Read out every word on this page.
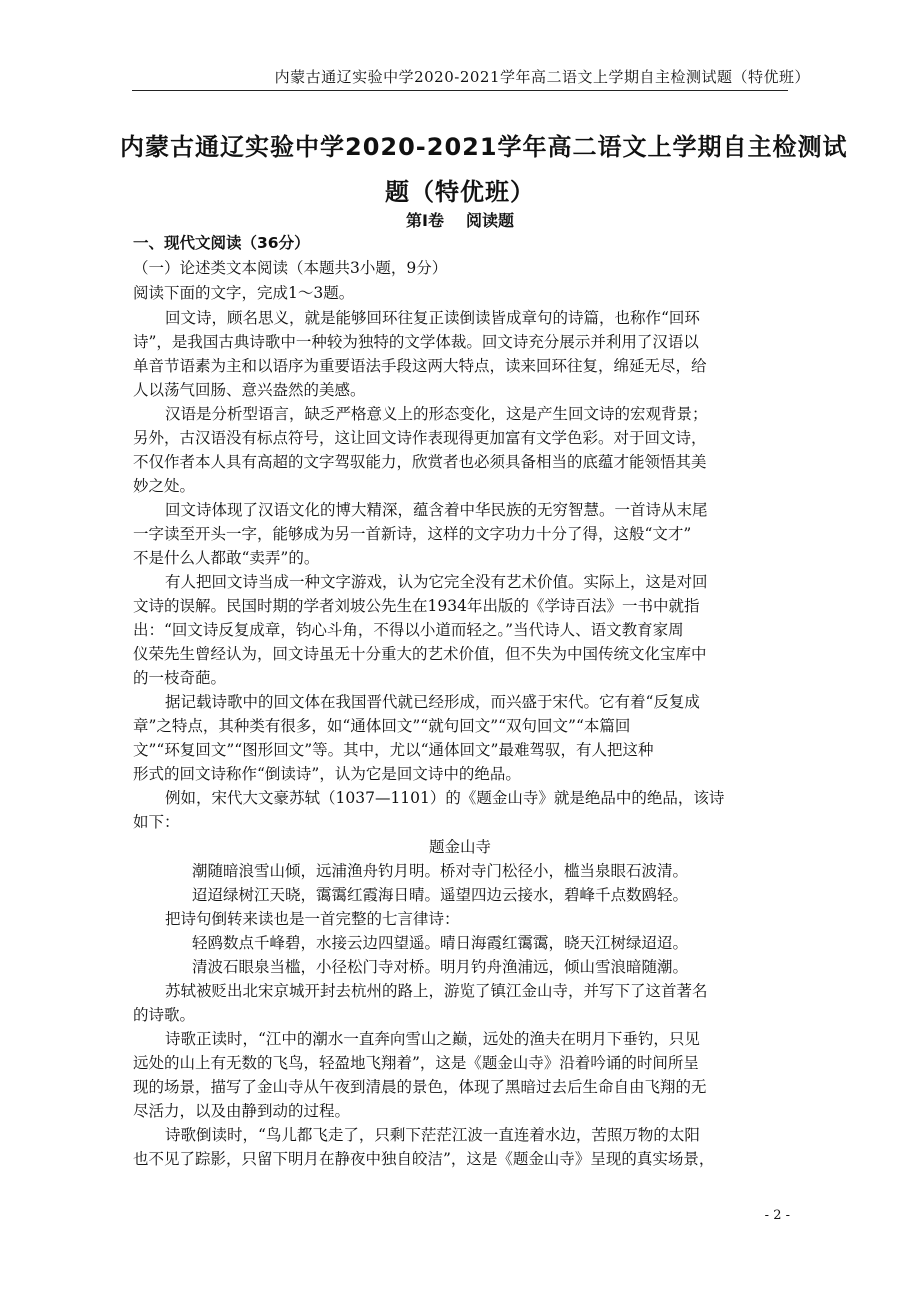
内蒙古通辽实验中学2020-2021学年高二语文上学期自主检测试题（特优班）
内蒙古通辽实验中学2020-2021学年高二语文上学期自主检测试
题（特优班）
第Ⅰ卷 阅读题
一、现代文阅读（36分）
（一）论述类文本阅读（本题共3小题，9分）
阅读下面的文字，完成1～3题。
回文诗，顾名思义，就是能够回环往复正读倒读皆成章句的诗篇，也称作“回环
诗”，是我国古典诗歌中一种较为独特的文学体裁。回文诗充分展示并利用了汉语以
单音节语素为主和以语序为重要语法手段这两大特点，读来回环往复，绵延无尽，给
人以荡气回肠、意兴盎然的美感。
汉语是分析型语言，缺乏严格意义上的形态变化，这是产生回文诗的宏观背景；
另外，古汉语没有标点符号，这让回文诗作表现得更加富有文学色彩。对于回文诗，
不仅作者本人具有高超的文字驾驭能力，欣赏者也必须具备相当的底蕴才能领悟其美
妙之处。
回文诗体现了汉语文化的博大精深，蕴含着中华民族的无穷智慧。一首诗从末尾
一字读至开头一字，能够成为另一首新诗，这样的文字功力十分了得，这般“文才”
不是什么人都敢“卖弄”的。
有人把回文诗当成一种文字游戏，认为它完全没有艺术价值。实际上，这是对回
文诗的误解。民国时期的学者刘坡公先生在1934年出版的《学诗百法》一书中就指
出：“回文诗反复成章，钧心斗角，不得以小道而轻之。”当代诗人、语文教育家周
仪荣先生曾经认为，回文诗虽无十分重大的艺术价值，但不失为中国传统文化宝库中
的一枝奇葩。
据记载诗歌中的回文体在我国晋代就已经形成，而兴盛于宋代。它有着“反复成
章”之特点，其种类有很多，如“通体回文”“就句回文”“双句回文”“本篇回
文”“环复回文”“图形回文”等。其中，尤以“通体回文”最难驾驭，有人把这种
形式的回文诗称作“倒读诗”，认为它是回文诗中的绝品。
例如，宋代大文豪苏轼（1037—1101）的《题金山寺》就是绝品中的绝品，该诗
如下：
题金山寺
潮随暗浪雪山倾，远浦渔舟钓月明。桥对寺门松径小，槛当泉眼石波清。
迢迢绿树江天晓，霭霭红霞海日晴。遥望四边云接水，碧峰千点数鸥轻。
把诗句倒转来读也是一首完整的七言律诗：
轻鸥数点千峰碧，水接云边四望遥。晴日海霞红霭霭，晓天江树绿迢迢。
清波石眼泉当槛，小径松门寺对桥。明月钓舟渔浦远，倾山雪浪暗随潮。
苏轼被贬出北宋京城开封去杭州的路上，游览了镇江金山寺，并写下了这首著名
的诗歌。
诗歌正读时，“江中的潮水一直奔向雪山之巅，远处的渔夫在明月下垂钓，只见
远处的山上有无数的飞鸟，轻盈地飞翔着”，这是《题金山寺》沿着吟诵的时间所呈
现的场景，描写了金山寺从午夜到清晨的景色，体现了黑暗过去后生命自由飞翔的无
尽活力，以及由静到动的过程。
诗歌倒读时，“鸟儿都飞走了，只剩下茫茫江波一直连着水边，苦照万物的太阳
也不见了踪影，只留下明月在静夜中独自皎洁”，这是《题金山寺》呈现的真实场景，
- 2 -
